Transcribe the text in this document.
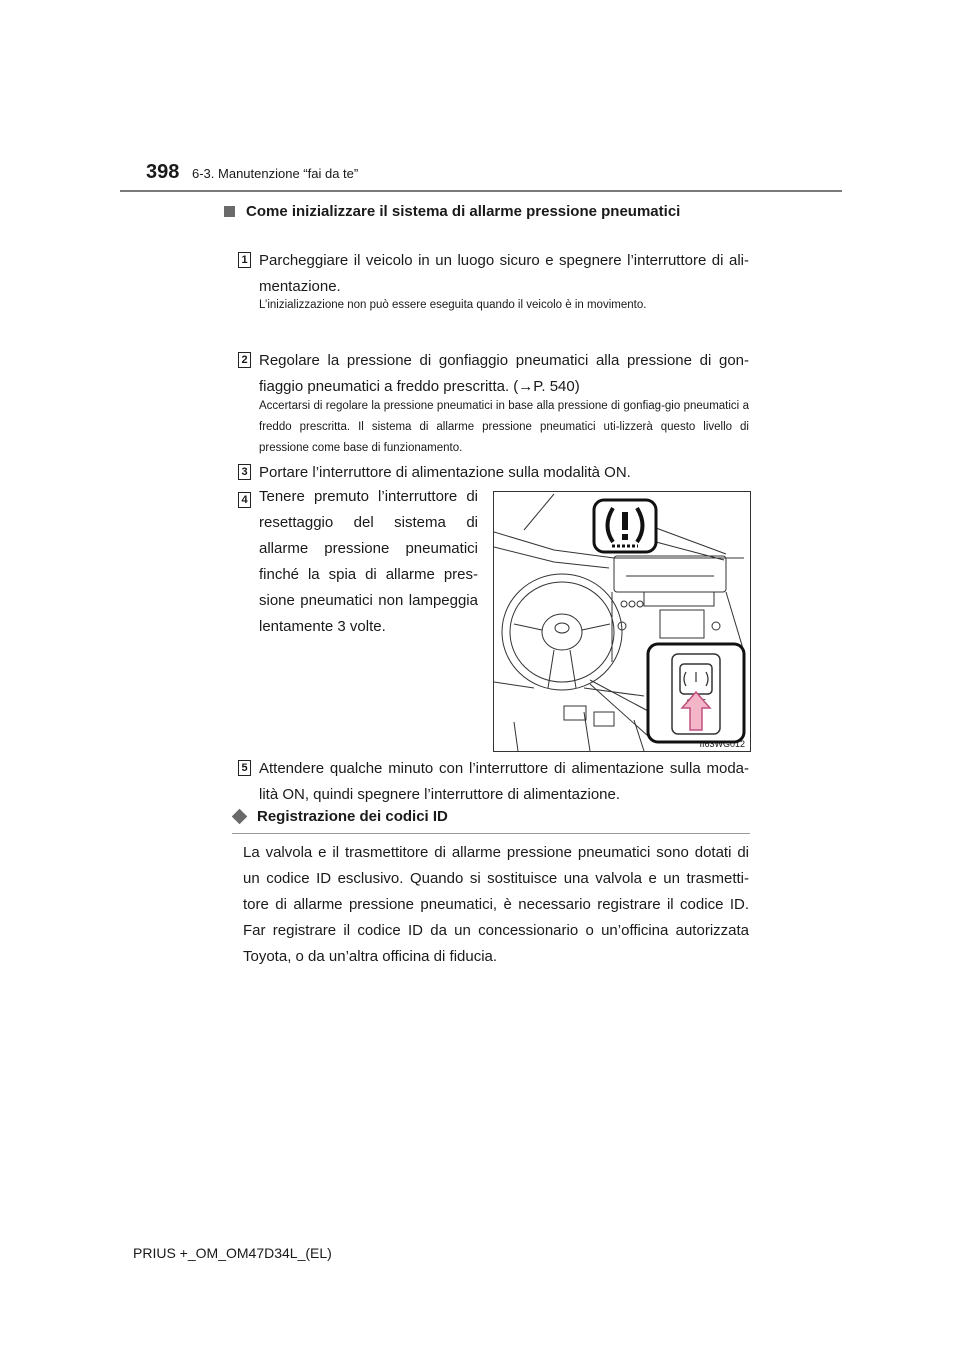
398 6-3. Manutenzione “fai da te”
Come inizializzare il sistema di allarme pressione pneumatici
1 Parcheggiare il veicolo in un luogo sicuro e spegnere l’interruttore di ali-mentazione.
L’inizializzazione non può essere eseguita quando il veicolo è in movimento.
2 Regolare la pressione di gonfiaggio pneumatici alla pressione di gon-fiaggio pneumatici a freddo prescritta. (→P. 540)
Accertarsi di regolare la pressione pneumatici in base alla pressione di gonfiag-gio pneumatici a freddo prescritta. Il sistema di allarme pressione pneumatici uti-lizzerà questo livello di pressione come base di funzionamento.
3 Portare l’interruttore di alimentazione sulla modalità ON.
4 Tenere premuto l’interruttore di resettaggio del sistema di allarme pressione pneumatici finché la spia di allarme pres-sione pneumatici non lampeggia lentamente 3 volte.
II63WG012
5 Attendere qualche minuto con l’interruttore di alimentazione sulla moda-lità ON, quindi spegnere l’interruttore di alimentazione.
Registrazione dei codici ID
La valvola e il trasmettitore di allarme pressione pneumatici sono dotati di un codice ID esclusivo. Quando si sostituisce una valvola e un trasmetti-tore di allarme pressione pneumatici, è necessario registrare il codice ID. Far registrare il codice ID da un concessionario o un’officina autorizzata Toyota, o da un’altra officina di fiducia.
PRIUS +_OM_OM47D34L_(EL)
